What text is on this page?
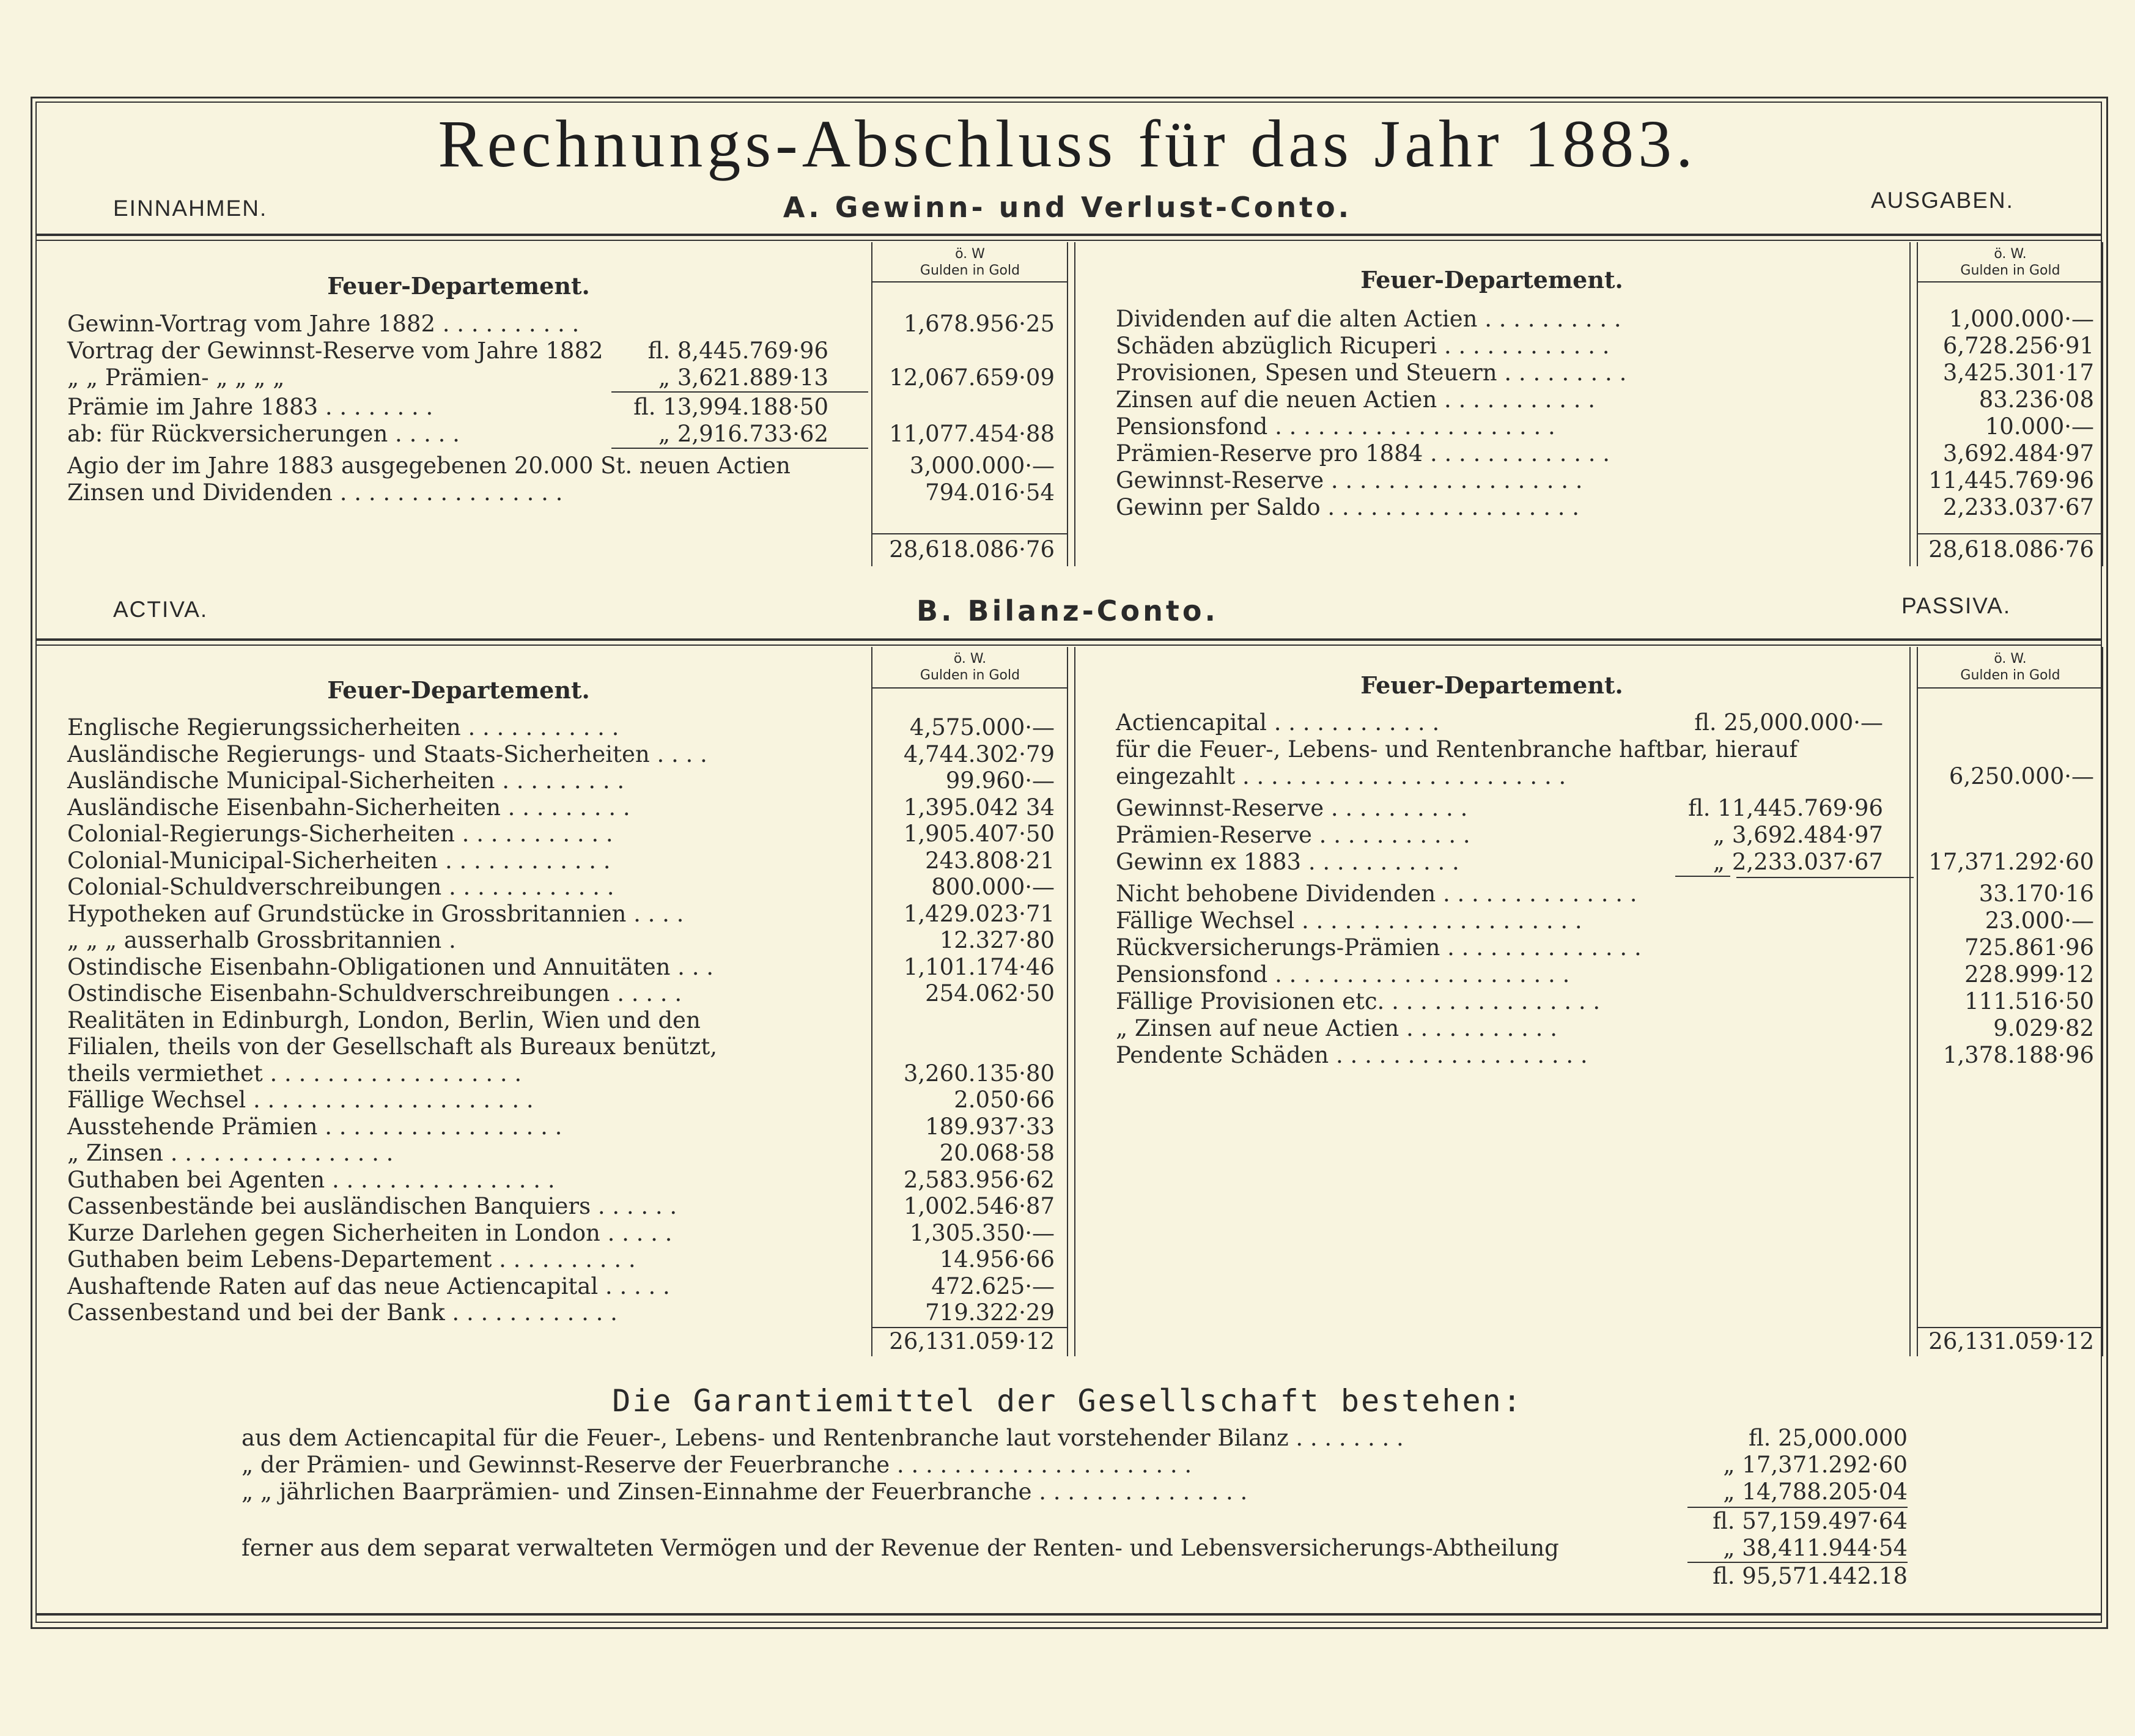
Rechnungs-Abschluss für das Jahr 1883.
EINNAHMEN.	A. Gewinn- und Verlust-Conto.	AUSGABEN.
ö. W
Gulden in Gold
ö. W.
Gulden in Gold
Feuer-Departement.	Feuer-Departement.
Gewinn-Vortrag vom Jahre 1882 . . . . . . . . . .	1,678.956·25
Vortrag der Gewinnst-Reserve vom Jahre 1882 fl. 8,445.769·96
„ „ Prämien- „ „ „ „	„ 3,621.889·13	12,067.659·09
Prämie im Jahre 1883 . . . . . . . .	fl. 13,994.188·50
ab: für Rückversicherungen . . . . .	„ 2,916.733·62	11,077.454·88
Agio der im Jahre 1883 ausgegebenen 20.000 St. neuen Actien	3,000.000·—
Zinsen und Dividenden . . . . . . . . . . . . . . . .	794.016·54
28,618.086·76
Dividenden auf die alten Actien . . . . . . . . . .	1,000.000·—
Schäden abzüglich Ricuperi . . . . . . . . . . . .	6,728.256·91
Provisionen, Spesen und Steuern . . . . . . . . .	3,425.301·17
Zinsen auf die neuen Actien . . . . . . . . . . .	83.236·08
Pensionsfond . . . . . . . . . . . . . . . . . . . .	10.000·—
Prämien-Reserve pro 1884 . . . . . . . . . . . . .	3,692.484·97
Gewinnst-Reserve . . . . . . . . . . . . . . . . . .	11,445.769·96
Gewinn per Saldo . . . . . . . . . . . . . . . . . .	2,233.037·67
28,618.086·76
ACTIVA.	B. Bilanz-Conto.	PASSIVA.
ö. W.
Gulden in Gold
ö. W.
Gulden in Gold
Feuer-Departement.	Feuer-Departement.
Englische Regierungssicherheiten . . . . . . . . . . .	4,575.000·—
Ausländische Regierungs- und Staats-Sicherheiten . . . .	4,744.302·79
Ausländische Municipal-Sicherheiten . . . . . . . . .	99.960·—
Ausländische Eisenbahn-Sicherheiten . . . . . . . . .	1,395.042 34
Colonial-Regierungs-Sicherheiten . . . . . . . . . . .	1,905.407·50
Colonial-Municipal-Sicherheiten . . . . . . . . . . . .	243.808·21
Colonial-Schuldverschreibungen . . . . . . . . . . . .	800.000·—
Hypotheken auf Grundstücke in Grossbritannien . . . .	1,429.023·71
„ „ „ ausserhalb Grossbritannien .	12.327·80
Ostindische Eisenbahn-Obligationen und Annuitäten . . .	1,101.174·46
Ostindische Eisenbahn-Schuldverschreibungen . . . . .	254.062·50
Realitäten in Edinburgh, London, Berlin, Wien und den
Filialen, theils von der Gesellschaft als Bureaux benützt,
theils vermiethet . . . . . . . . . . . . . . . . . .	3,260.135·80
Fällige Wechsel . . . . . . . . . . . . . . . . . . . .	2.050·66
Ausstehende Prämien . . . . . . . . . . . . . . . . .	189.937·33
„ Zinsen . . . . . . . . . . . . . . . .	20.068·58
Guthaben bei Agenten . . . . . . . . . . . . . . . .	2,583.956·62
Cassenbestände bei ausländischen Banquiers . . . . . .	1,002.546·87
Kurze Darlehen gegen Sicherheiten in London . . . . .	1,305.350·—
Guthaben beim Lebens-Departement . . . . . . . . . .	14.956·66
Aushaftende Raten auf das neue Actiencapital . . . . .	472.625·—
Cassenbestand und bei der Bank . . . . . . . . . . . .	719.322·29
Actiencapital . . . . . . . . . . . .	fl. 25,000.000·—
für die Feuer-, Lebens- und Rentenbranche haftbar, hierauf
eingezahlt . . . . . . . . . . . . . . . . . . . . . . .	6,250.000·—
Gewinnst-Reserve . . . . . . . . . .	fl. 11,445.769·96
Prämien-Reserve . . . . . . . . . . .	„ 3,692.484·97
Gewinn ex 1883 . . . . . . . . . . .	„ 2,233.037·67	17,371.292·60
Nicht behobene Dividenden . . . . . . . . . . . . . .	33.170·16
Fällige Wechsel . . . . . . . . . . . . . . . . . . . .	23.000·—
Rückversicherungs-Prämien . . . . . . . . . . . . . .	725.861·96
Pensionsfond . . . . . . . . . . . . . . . . . . . . .	228.999·12
Fällige Provisionen etc. . . . . . . . . . . . . . . .	111.516·50
„ Zinsen auf neue Actien . . . . . . . . . . .	9.029·82
Pendente Schäden . . . . . . . . . . . . . . . . . .	1,378.188·96
26,131.059·12	26,131.059·12
Die Garantiemittel der Gesellschaft bestehen:
aus dem Actiencapital für die Feuer-, Lebens- und Rentenbranche laut vorstehender Bilanz . . . . . . . .	fl. 25,000.000
„ der Prämien- und Gewinnst-Reserve der Feuerbranche . . . . . . . . . . . . . . . . . . . . .	„ 17,371.292·60
„ „ jährlichen Baarprämien- und Zinsen-Einnahme der Feuerbranche . . . . . . . . . . . . . . .	„ 14,788.205·04
fl. 57,159.497·64
ferner aus dem separat verwalteten Vermögen und der Revenue der Renten- und Lebensversicherungs-Abtheilung	„ 38,411.944·54
fl. 95,571.442.18
